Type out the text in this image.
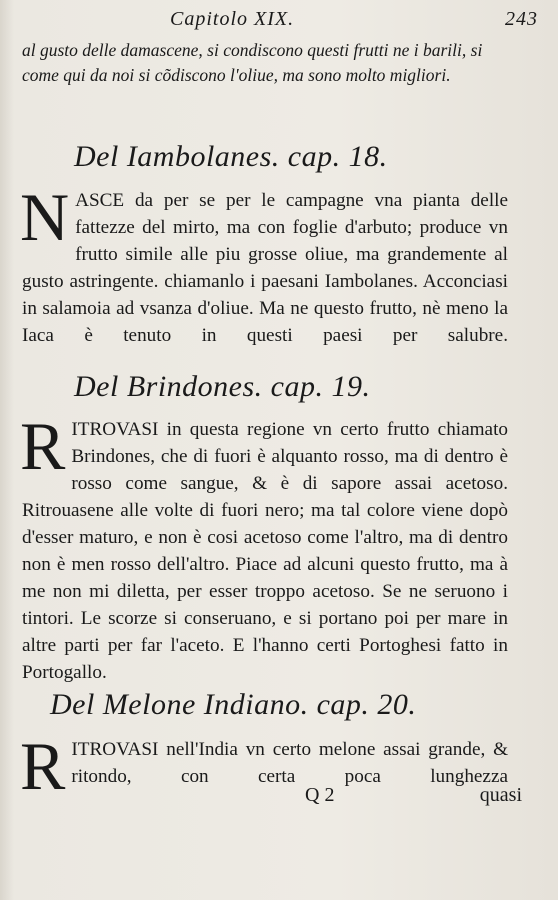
Capitolo XIX.	243
al gusto delle damascene, si condiscono questi frutti ne i barili, si come qui da noi si cõdiscono l'oliue, ma sono molto migliori.
Del Iambolanes. cap. 18.

NASCE da per se per le campagne vna pianta delle fattezze del mirto, ma con foglie d'arbuto; produce vn frutto simile alle piu grosse oliue, ma grandemente al gusto astringente. chiamanlo i paesani Iambolanes. Acconciasi in salamoia ad vsanza d'oliue. Ma ne questo frutto, nè meno la Iaca è tenuto in questi paesi per salubre.

Del Brindones. cap. 19.

RITROVASI in questa regione vn certo frutto chiamato Brindones, che di fuori è alquanto rosso, ma di dentro è rosso come sangue, & è di sapore assai acetoso. Ritrouasene alle volte di fuori nero; ma tal colore viene dopò d'esser maturo, e non è cosi acetoso come l'altro, ma di dentro non è men rosso dell'altro. Piace ad alcuni questo frutto, ma à me non mi diletta, per esser troppo acetoso. Se ne seruono i tintori. Le scorze si conseruano, e si portano poi per mare in altre parti per far l'aceto. E l'hanno certi Portoghesi fatto in Portogallo.

Del Melone Indiano. cap. 20.

RITROVASI nell'India vn certo melone assai grande, & ritondo, con certa poca lunghezza

Q 2	quasi
